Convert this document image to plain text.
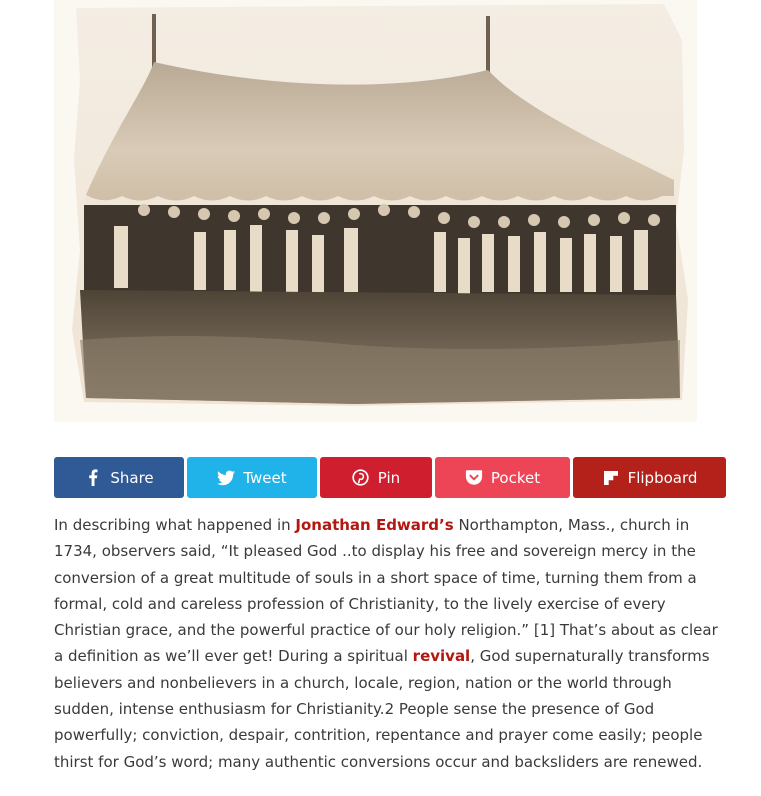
Share	Tweet	Pin	Pocket	Flipboard

In describing what happened in Jonathan Edward’s Northampton, Mass., church in 1734, observers said, “It pleased God ..to display his free and sovereign mercy in the conversion of a great multitude of souls in a short space of time, turning them from a formal, cold and careless profession of Christianity, to the lively exercise of every Christian grace, and the powerful practice of our holy religion.” [1] That’s about as clear a definition as we’ll ever get! During a spiritual revival, God supernaturally transforms believers and nonbelievers in a church, locale, region, nation or the world through sudden, intense enthusiasm for Christianity.2 People sense the presence of God powerfully; conviction, despair, contrition, repentance and prayer come easily; people thirst for God’s word; many authentic conversions occur and backsliders are renewed.
